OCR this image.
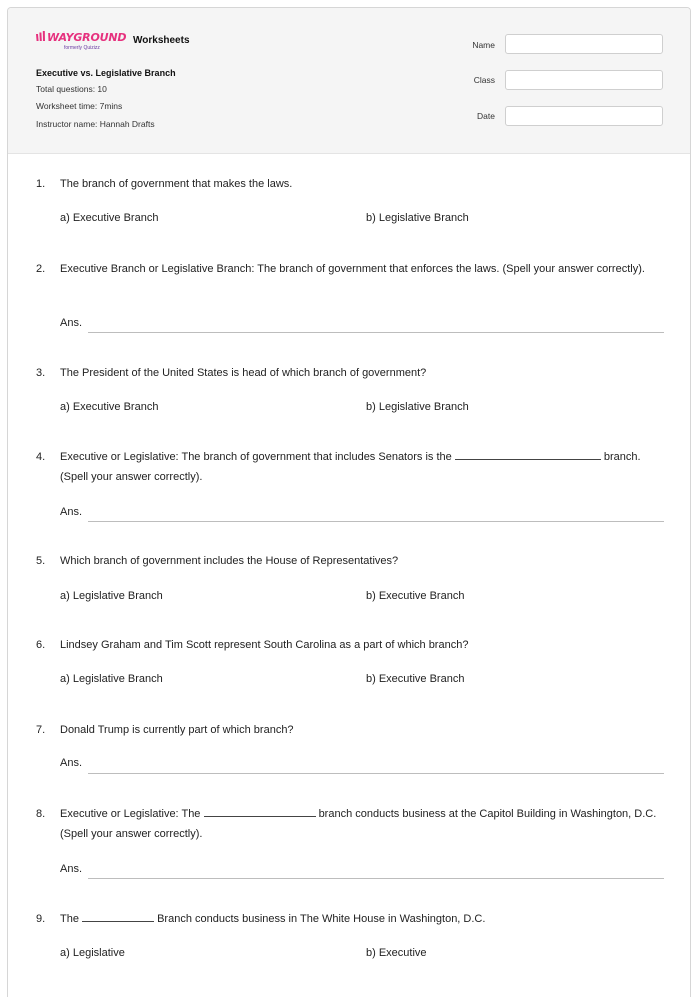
WAYGROUND
formerly Quizizz
Worksheets
Executive vs. Legislative Branch
Total questions: 10
Worksheet time: 7mins
Instructor name: Hannah Drafts
Name
Class
Date
1. The branch of government that makes the laws.
a) Executive Branch	b) Legislative Branch
2. Executive Branch or Legislative Branch: The branch of government that enforces the laws. (Spell your answer correctly).
Ans.
3. The President of the United States is head of which branch of government?
a) Executive Branch	b) Legislative Branch
4. Executive or Legislative: The branch of government that includes Senators is the	branch. (Spell your answer correctly).
Ans.
5. Which branch of government includes the House of Representatives?
a) Legislative Branch	b) Executive Branch
6. Lindsey Graham and Tim Scott represent South Carolina as a part of which branch?
a) Legislative Branch	b) Executive Branch
7. Donald Trump is currently part of which branch?
Ans.
8. Executive or Legislative: The	branch conducts business at the Capitol Building in Washington, D.C. (Spell your answer correctly).
Ans.
9. The	Branch conducts business in The White House in Washington, D.C.
a) Legislative	b) Executive
